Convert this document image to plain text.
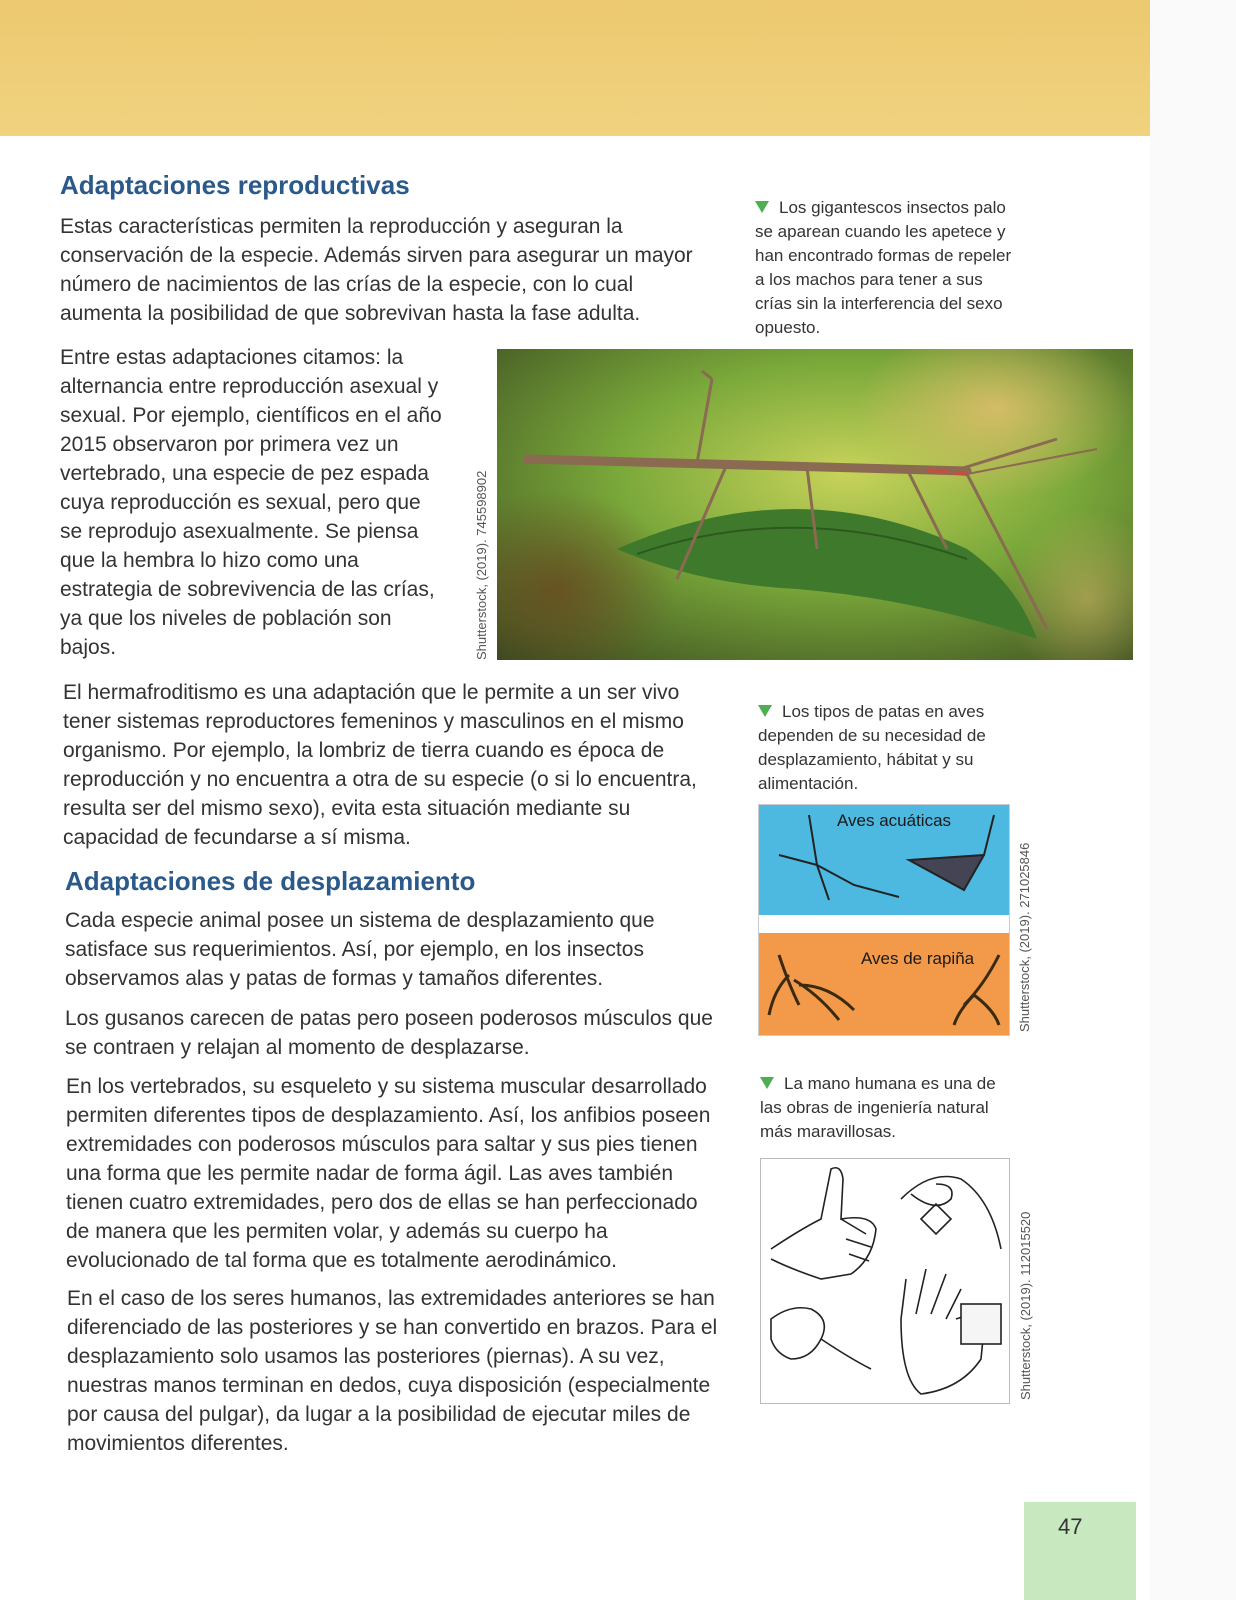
Adaptaciones reproductivas

Estas características permiten la reproducción y aseguran la conservación de la especie. Además sirven para asegurar un mayor número de nacimientos de las crías de la especie, con lo cual aumenta la posibilidad de que sobrevivan hasta la fase adulta.

Entre estas adaptaciones citamos: la alternancia entre reproducción asexual y sexual. Por ejemplo, científicos en el año 2015 observaron por primera vez un vertebrado, una especie de pez espada cuya reproducción es sexual, pero que se reprodujo asexualmente. Se piensa que la hembra lo hizo como una estrategia de sobrevivencia de las crías, ya que los niveles de población son bajos.	Shutterstock, (2019). 745598902

Los gigantescos insectos palo se aparean cuando les apetece y han encontrado formas de repeler a los machos para tener a sus crías sin la interferencia del sexo opuesto.

El hermafroditismo es una adaptación que le permite a un ser vivo tener sistemas reproductores femeninos y masculinos en el mismo organismo. Por ejemplo, la lombriz de tierra cuando es época de reproducción y no encuentra a otra de su especie (o si lo encuentra, resulta ser del mismo sexo), evita esta situación mediante su capacidad de fecundarse a sí misma.

Adaptaciones de desplazamiento

Cada especie animal posee un sistema de desplazamiento que satisface sus requerimientos. Así, por ejemplo, en los insectos observamos alas y patas de formas y tamaños diferentes.

Los gusanos carecen de patas pero poseen poderosos músculos que se contraen y relajan al momento de desplazarse.

En los vertebrados, su esqueleto y su sistema muscular desarrollado permiten diferentes tipos de desplazamiento. Así, los anfibios poseen extremidades con poderosos músculos para saltar y sus pies tienen una forma que les permite nadar de forma ágil. Las aves también tienen cuatro extremidades, pero dos de ellas se han perfeccionado de manera que les permiten volar, y además su cuerpo ha evolucionado de tal forma que es totalmente aerodinámico.

En el caso de los seres humanos, las extremidades anteriores se han diferenciado de las posteriores y se han convertido en brazos. Para el desplazamiento solo usamos las posteriores (piernas). A su vez, nuestras manos terminan en dedos, cuya disposición (especialmente por causa del pulgar), da lugar a la posibilidad de ejecutar miles de movimientos diferentes.

Los tipos de patas en aves dependen de su necesidad de desplazamiento, hábitat y su alimentación.

Aves acuáticas
Aves de rapiña	Shutterstock, (2019). 271025846

La mano humana es una de las obras de ingeniería natural más maravillosas.

Shutterstock, (2019). 112015520
47
